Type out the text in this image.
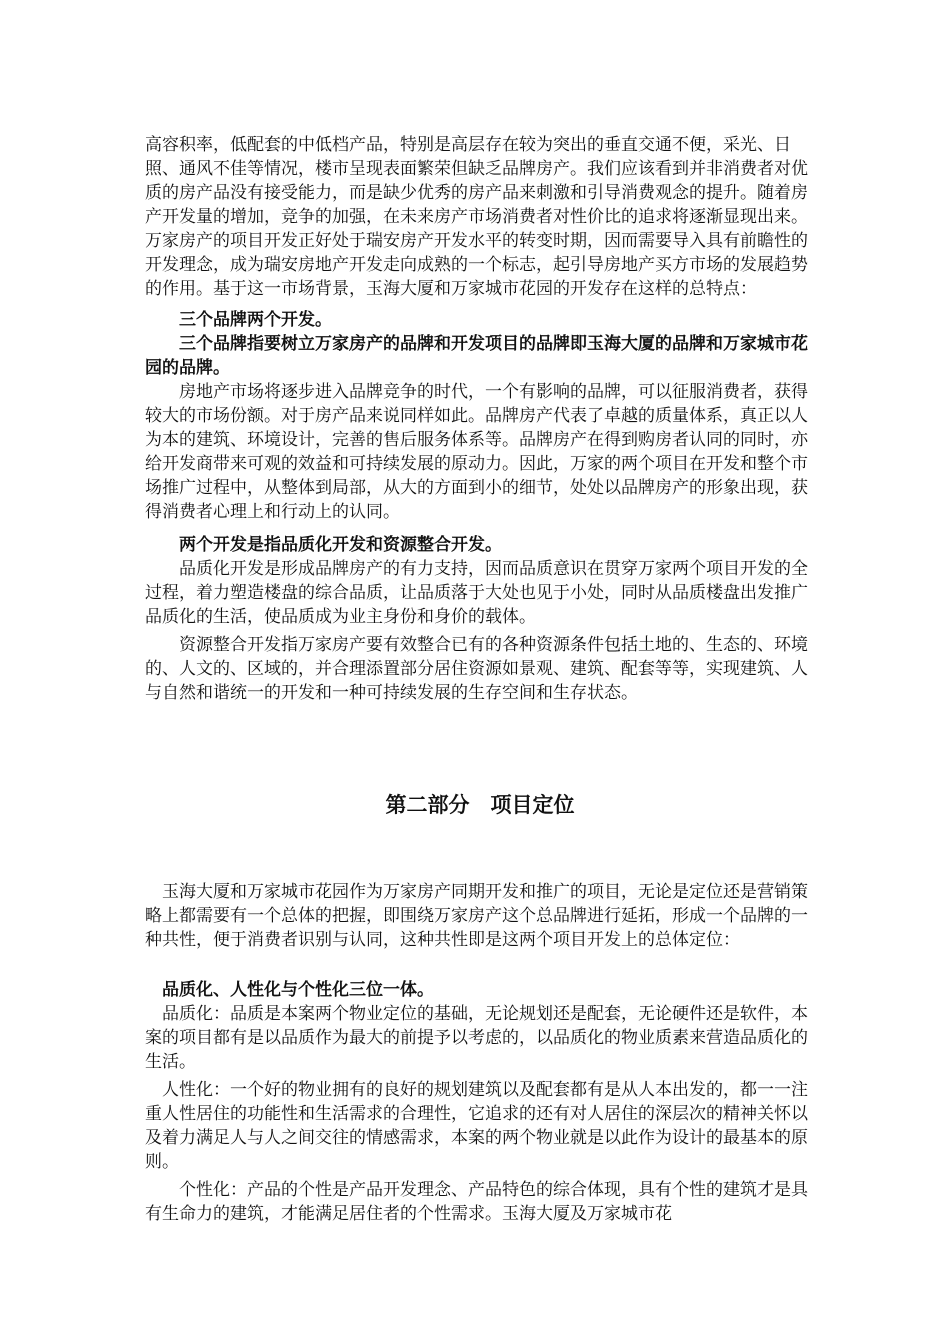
高容积率，低配套的中低档产品，特别是高层存在较为突出的垂直交通不便，采光、日照、通风不佳等情况，楼市呈现表面繁荣但缺乏品牌房产。我们应该看到并非消费者对优质的房产品没有接受能力，而是缺少优秀的房产品来刺激和引导消费观念的提升。随着房产开发量的增加，竞争的加强，在未来房产市场消费者对性价比的追求将逐渐显现出来。万家房产的项目开发正好处于瑞安房产开发水平的转变时期，因而需要导入具有前瞻性的开发理念，成为瑞安房地产开发走向成熟的一个标志，起引导房地产买方市场的发展趋势的作用。基于这一市场背景，玉海大厦和万家城市花园的开发存在这样的总特点：

三个品牌两个开发。

三个品牌指要树立万家房产的品牌和开发项目的品牌即玉海大厦的品牌和万家城市花园的品牌。

房地产市场将逐步进入品牌竞争的时代，一个有影响的品牌，可以征服消费者，获得较大的市场份额。对于房产品来说同样如此。品牌房产代表了卓越的质量体系，真正以人为本的建筑、环境设计，完善的售后服务体系等。品牌房产在得到购房者认同的同时，亦给开发商带来可观的效益和可持续发展的原动力。因此，万家的两个项目在开发和整个市场推广过程中，从整体到局部，从大的方面到小的细节，处处以品牌房产的形象出现，获得消费者心理上和行动上的认同。

两个开发是指品质化开发和资源整合开发。

品质化开发是形成品牌房产的有力支持，因而品质意识在贯穿万家两个项目开发的全过程，着力塑造楼盘的综合品质，让品质落于大处也见于小处，同时从品质楼盘出发推广品质化的生活，使品质成为业主身份和身价的载体。

资源整合开发指万家房产要有效整合已有的各种资源条件包括土地的、生态的、环境的、人文的、区域的，并合理添置部分居住资源如景观、建筑、配套等等，实现建筑、人与自然和谐统一的开发和一种可持续发展的生存空间和生存状态。

第二部分　项目定位

玉海大厦和万家城市花园作为万家房产同期开发和推广的项目，无论是定位还是营销策略上都需要有一个总体的把握，即围绕万家房产这个总品牌进行延拓，形成一个品牌的一种共性，便于消费者识别与认同，这种共性即是这两个项目开发上的总体定位：

品质化、人性化与个性化三位一体。

品质化：品质是本案两个物业定位的基础，无论规划还是配套，无论硬件还是软件，本案的项目都有是以品质作为最大的前提予以考虑的，以品质化的物业质素来营造品质化的生活。

人性化：一个好的物业拥有的良好的规划建筑以及配套都有是从人本出发的，都一一注重人性居住的功能性和生活需求的合理性，它追求的还有对人居住的深层次的精神关怀以及着力满足人与人之间交往的情感需求，本案的两个物业就是以此作为设计的最基本的原则。

个性化：产品的个性是产品开发理念、产品特色的综合体现，具有个性的建筑才是具有生命力的建筑，才能满足居住者的个性需求。玉海大厦及万家城市花
